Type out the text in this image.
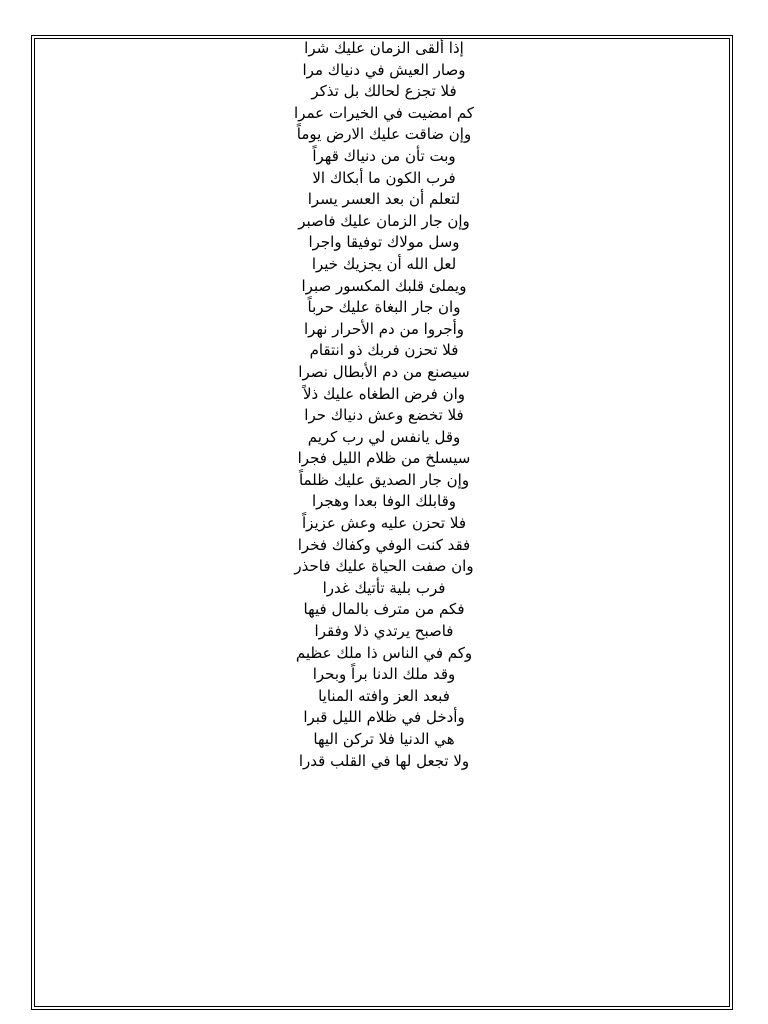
إذا ألقى الزمان عليك شرا
وصار العيش في دنياك مرا
فلا تجزع لحالك بل تذكر
كم امضيت في الخيرات عمرا
وإن ضاقت عليك الارض يوماً
وبت تأن من دنياك قهراً
فرب الكون ما أبكاك الا
لتعلم أن بعد العسر يسرا
وإن جار الزمان عليك فاصبر
وسل مولاك توفيقا واجرا
لعل الله أن يجزيك خيرا
ويملئ قلبك المكسور صبرا
وان جار البغاة عليك حرباً
وأجروا من دم الأحرار نهرا
فلا تحزن فربك ذو انتقام
سيصنع من دم الأبطال نصرا
وان فرض الطغاه عليك ذلاً
فلا تخضع وعش دنياك حرا
وقل يانفس لي رب كريم
سيسلخ من ظلام الليل فجرا
وإن جار الصديق عليك ظلماً
وقابلك الوفا بعدا وهجرا
فلا تحزن عليه وعش عزيزاً
فقد كنت الوفي وكفاك فخرا
وان صفت الحياة عليك فاحذر
فرب بلية تأتيك غدرا
فكم من مترف بالمال فيها
فاصبح يرتدي ذلا وفقرا
وكم في الناس ذا ملك عظيم
وقد ملك الدنا براً وبحرا
فبعد العز وافته المنايا
وأدخل في ظلام الليل قبرا
هي الدنيا فلا تركن اليها
ولا تجعل لها في القلب قدرا
